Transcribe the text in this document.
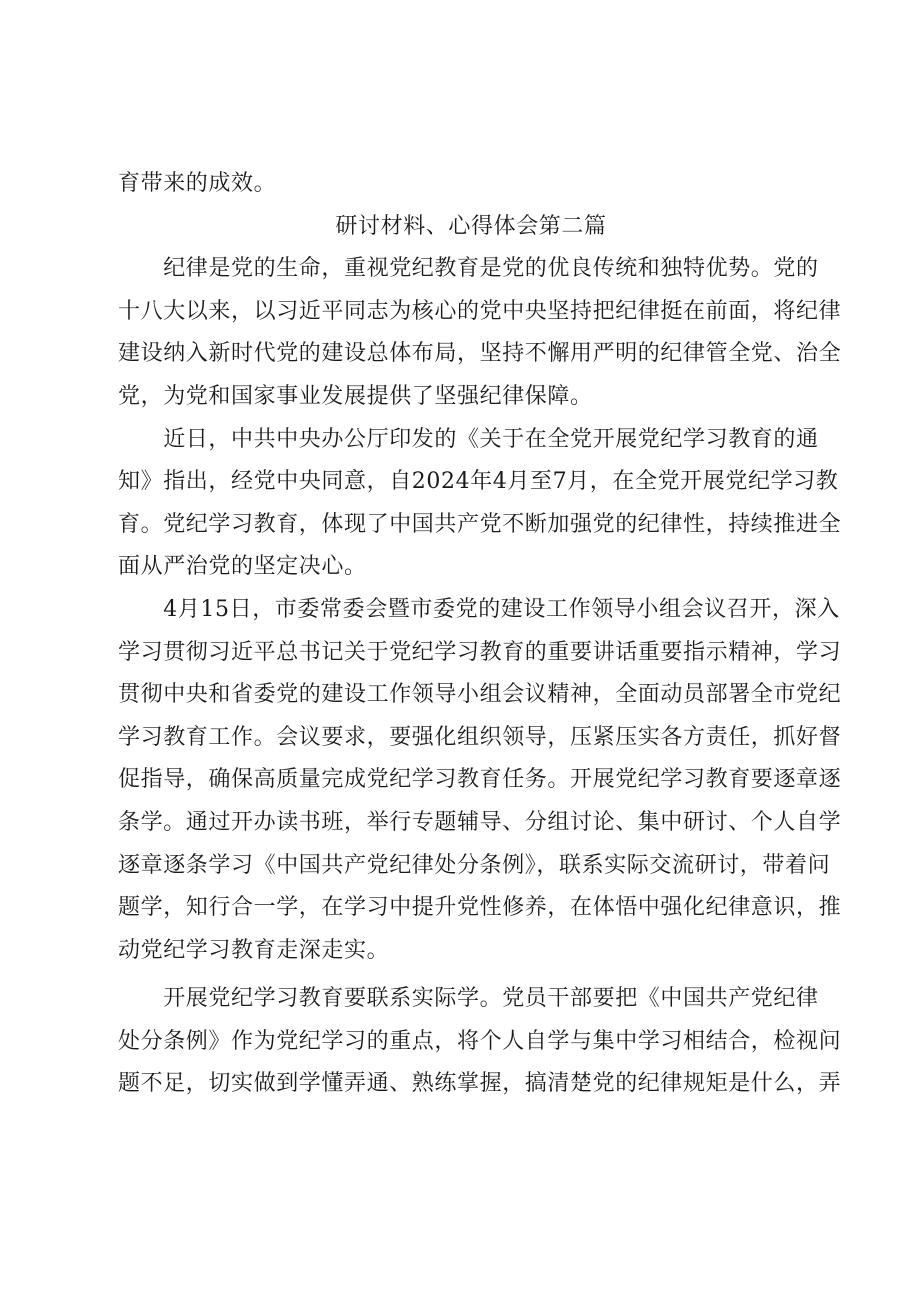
育带来的成效。
研讨材料、心得体会第二篇
　　纪律是党的生命，重视党纪教育是党的优良传统和独特优势。党的
十八大以来，以习近平同志为核心的党中央坚持把纪律挺在前面，将纪律
建设纳入新时代党的建设总体布局，坚持不懈用严明的纪律管全党、治全
党，为党和国家事业发展提供了坚强纪律保障。
　　近日，中共中央办公厅印发的《关于在全党开展党纪学习教育的通
知》指出，经党中央同意，自2024年4月至7月，在全党开展党纪学习教
育。党纪学习教育，体现了中国共产党不断加强党的纪律性，持续推进全
面从严治党的坚定决心。
　　4月15日，市委常委会暨市委党的建设工作领导小组会议召开，深入
学习贯彻习近平总书记关于党纪学习教育的重要讲话重要指示精神，学习
贯彻中央和省委党的建设工作领导小组会议精神，全面动员部署全市党纪
学习教育工作。会议要求，要强化组织领导，压紧压实各方责任，抓好督
促指导，确保高质量完成党纪学习教育任务。开展党纪学习教育要逐章逐
条学。通过开办读书班，举行专题辅导、分组讨论、集中研讨、个人自学
逐章逐条学习《中国共产党纪律处分条例》，联系实际交流研讨，带着问
题学，知行合一学，在学习中提升党性修养，在体悟中强化纪律意识，推
动党纪学习教育走深走实。
　　开展党纪学习教育要联系实际学。党员干部要把《中国共产党纪律
处分条例》作为党纪学习的重点，将个人自学与集中学习相结合，检视问
题不足，切实做到学懂弄通、熟练掌握，搞清楚党的纪律规矩是什么，弄
